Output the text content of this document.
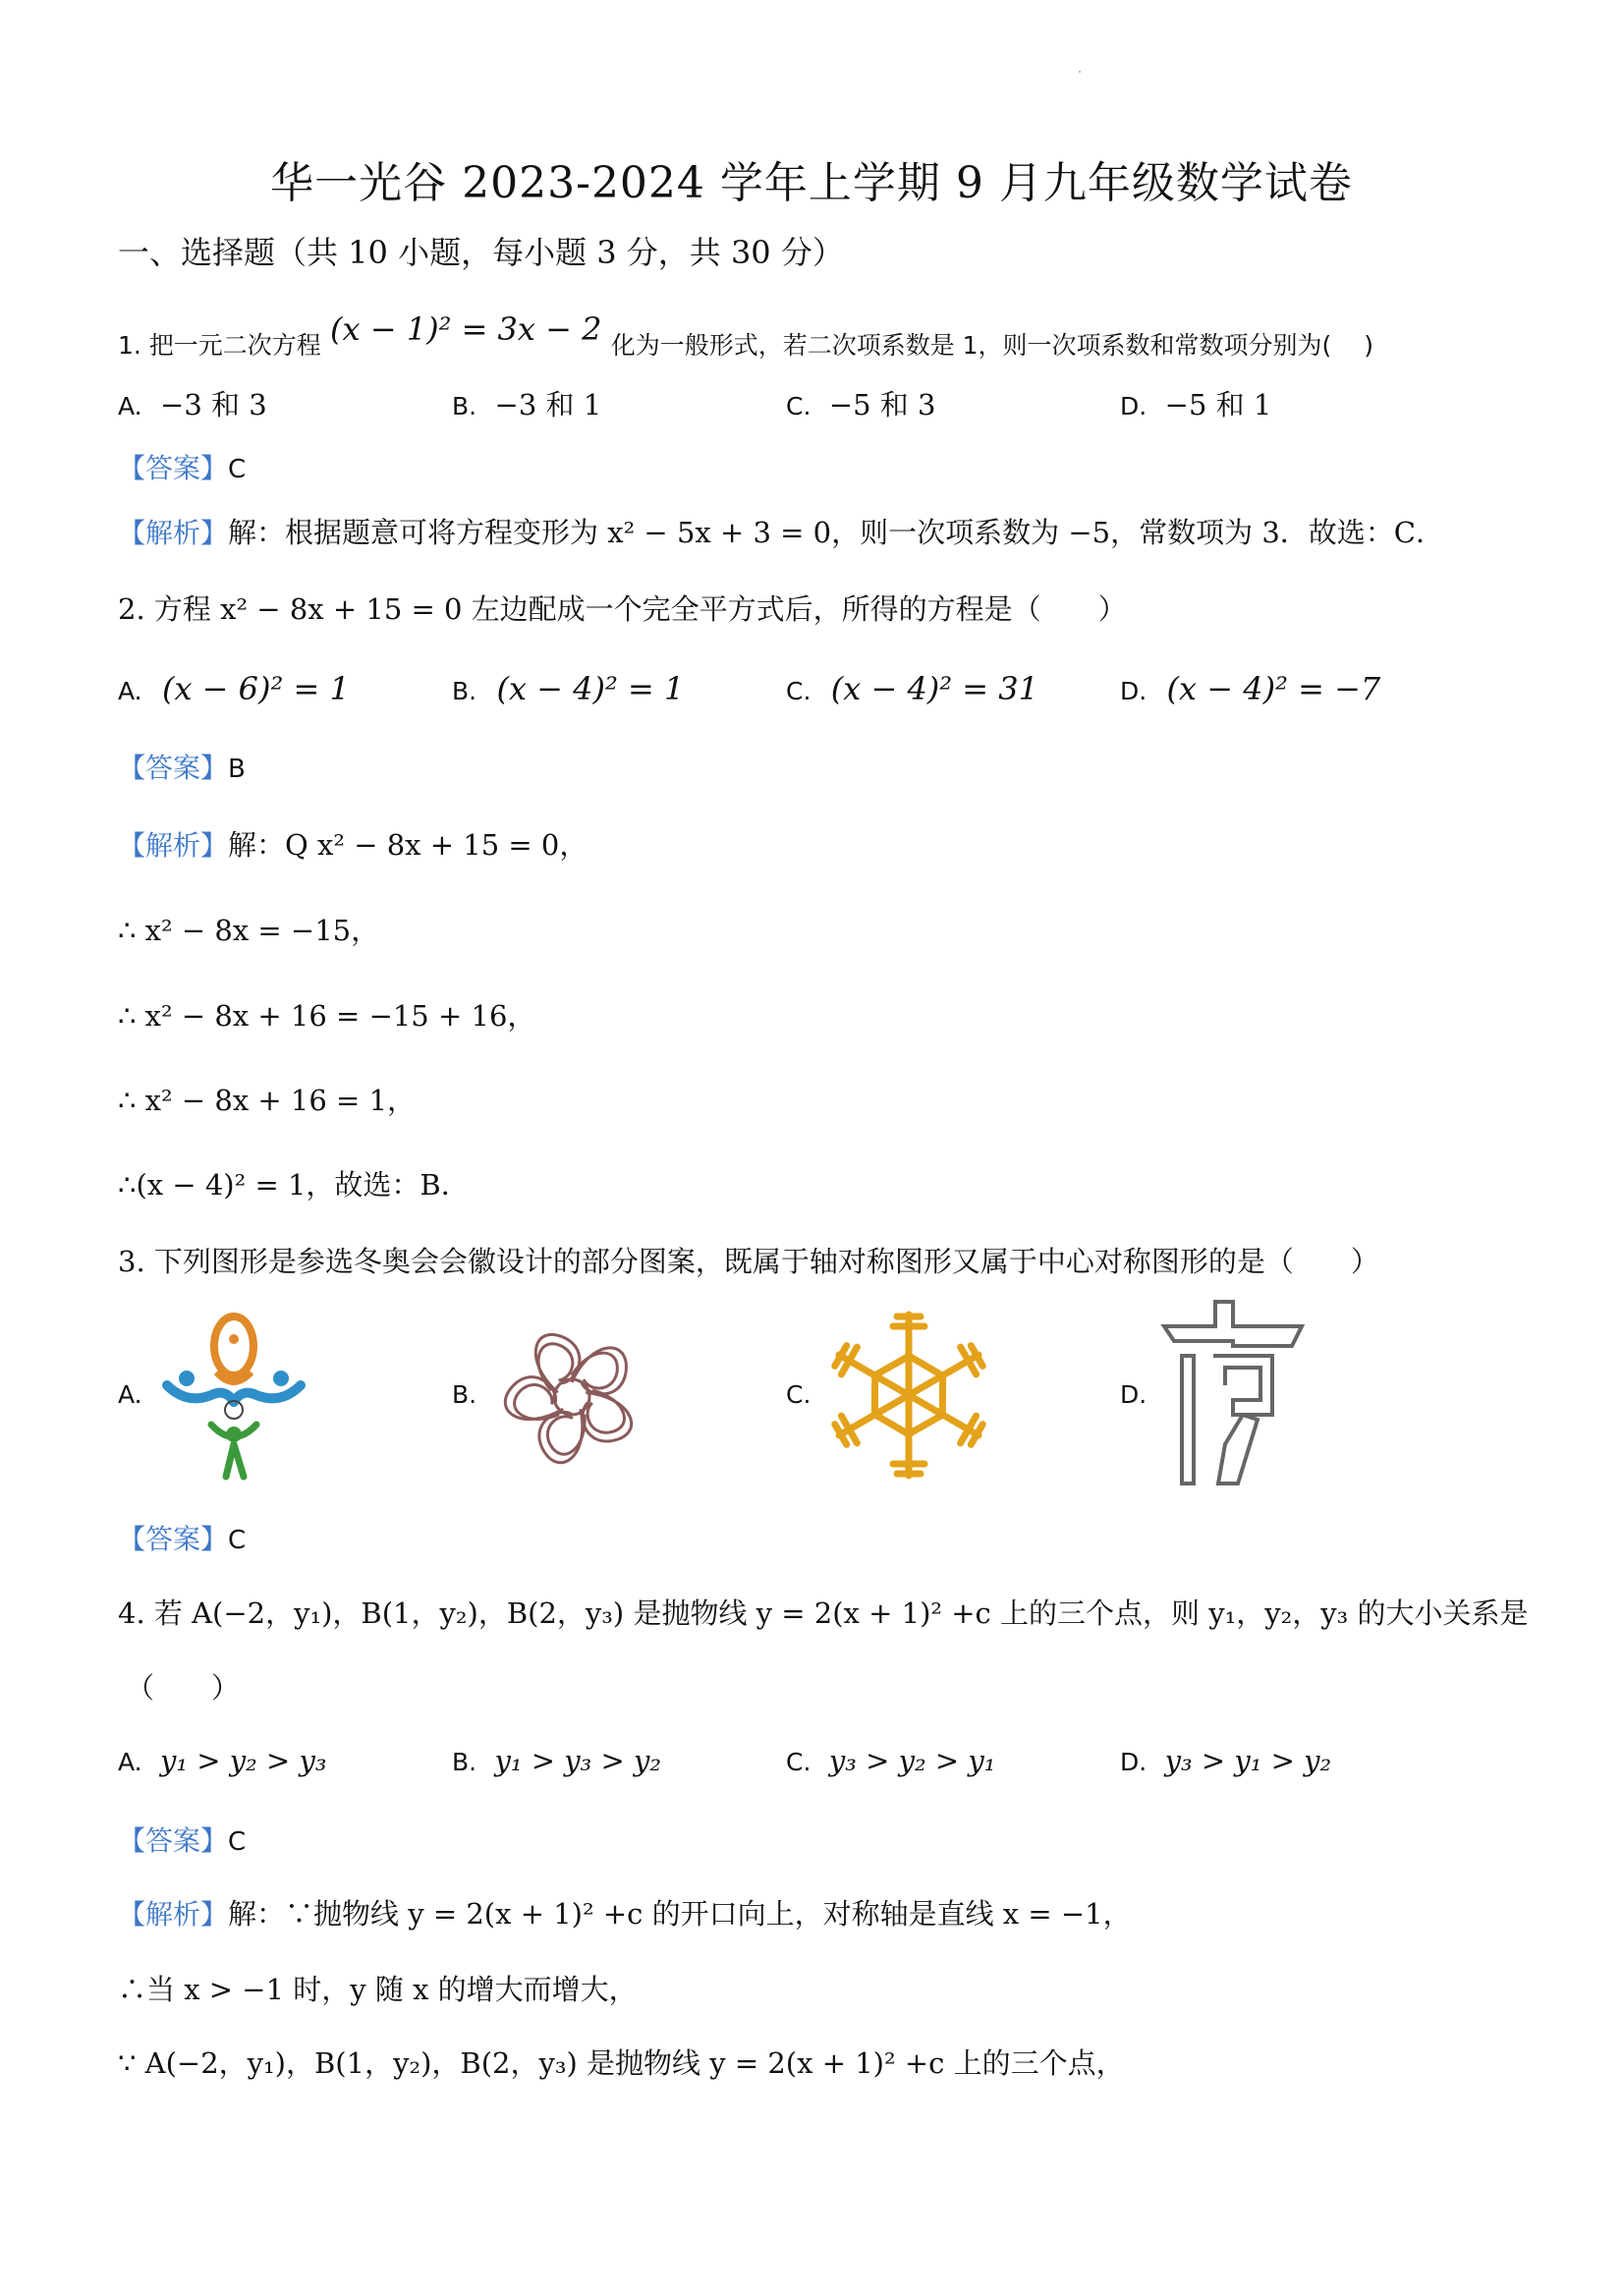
华一光谷 2023-2024 学年上学期 9 月九年级数学试卷
一、选择题（共 10 小题，每小题 3 分，共 30 分）
1. 把一元二次方程 (x − 1)² = 3x − 2 化为一般形式，若二次项系数是 1，则一次项系数和常数项分别为(　 )
A. −3 和 3	B. −3 和 1	C. −5 和 3	D. −5 和 1
【答案】C
【解析】解：根据题意可将方程变形为 x² − 5x + 3 = 0，则一次项系数为 −5，常数项为 3．故选：C．
2. 方程 x² − 8x + 15 = 0 左边配成一个完全平方式后，所得的方程是（　　）
A. (x − 6)² = 1	B. (x − 4)² = 1	C. (x − 4)² = 31	D. (x − 4)² = −7
【答案】B
【解析】解：Q x² − 8x + 15 = 0，
∴ x² − 8x = −15，
∴ x² − 8x + 16 = −15 + 16，
∴ x² − 8x + 16 = 1，
∴(x − 4)² = 1，故选：B．
3. 下列图形是参选冬奥会会徽设计的部分图案，既属于轴对称图形又属于中心对称图形的是（　　）
A.	B.	C.	D.
【答案】C
4. 若 A(−2，y₁)，B(1，y₂)，B(2，y₃) 是抛物线 y = 2(x + 1)² +c 上的三个点，则 y₁，y₂，y₃ 的大小关系是
（　　）
A. y₁ > y₂ > y₃	B. y₁ > y₃ > y₂	C. y₃ > y₂ > y₁	D. y₃ > y₁ > y₂
【答案】C
【解析】解：∵抛物线 y = 2(x + 1)² +c 的开口向上，对称轴是直线 x = −1，
∴当 x > −1 时，y 随 x 的增大而增大，
∵ A(−2，y₁)，B(1，y₂)，B(2，y₃) 是抛物线 y = 2(x + 1)² +c 上的三个点，
